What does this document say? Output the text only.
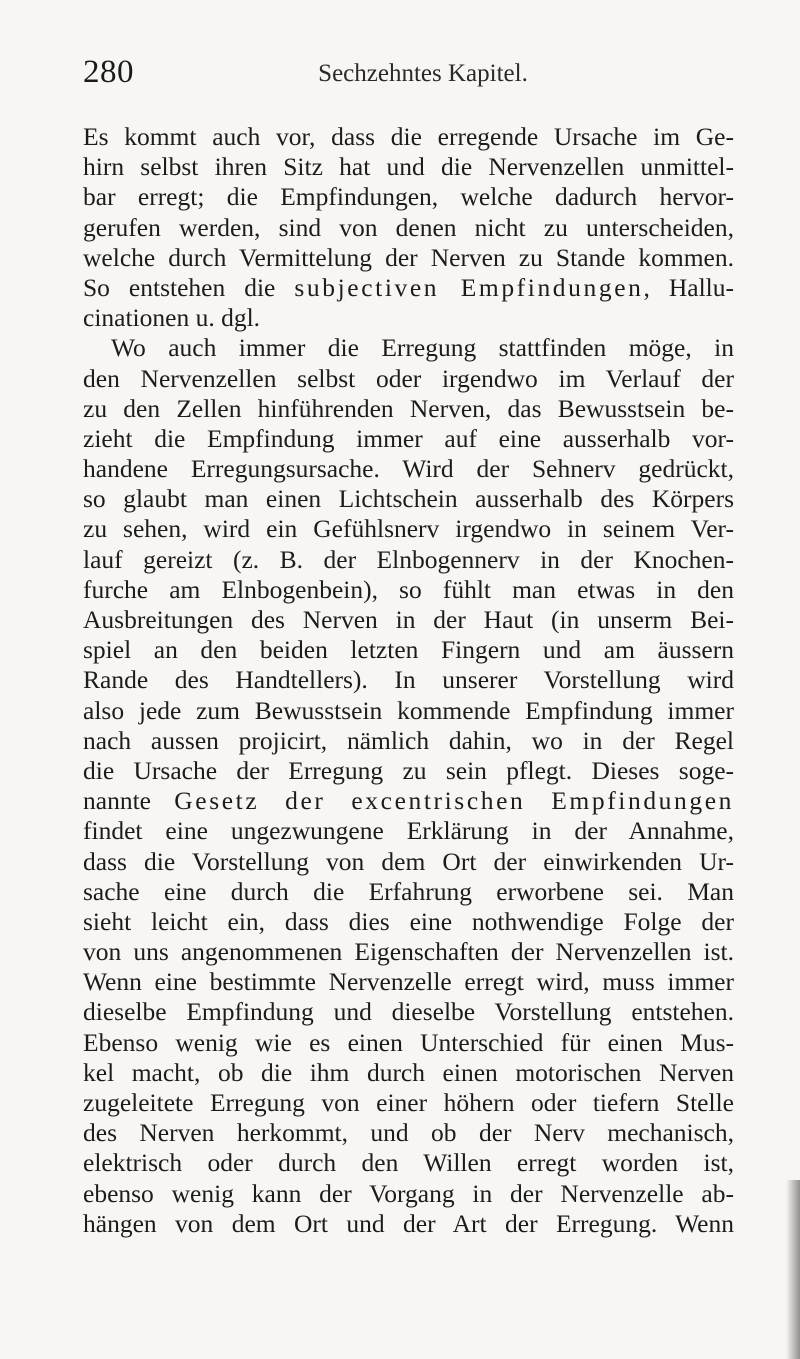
280	Sechzehntes Kapitel.
Es kommt auch vor, dass die erregende Ursache im Ge-
hirn selbst ihren Sitz hat und die Nervenzellen unmittel-
bar erregt; die Empfindungen, welche dadurch hervor-
gerufen werden, sind von denen nicht zu unterscheiden,
welche durch Vermittelung der Nerven zu Stande kommen.
So entstehen die subjectiven Empfindungen, Hallu-
cinationen u. dgl.
Wo auch immer die Erregung stattfinden möge, in
den Nervenzellen selbst oder irgendwo im Verlauf der
zu den Zellen hinführenden Nerven, das Bewusstsein be-
zieht die Empfindung immer auf eine ausserhalb vor-
handene Erregungsursache. Wird der Sehnerv gedrückt,
so glaubt man einen Lichtschein ausserhalb des Körpers
zu sehen, wird ein Gefühlsnerv irgendwo in seinem Ver-
lauf gereizt (z. B. der Elnbogennerv in der Knochen-
furche am Elnbogenbein), so fühlt man etwas in den
Ausbreitungen des Nerven in der Haut (in unserm Bei-
spiel an den beiden letzten Fingern und am äussern
Rande des Handtellers). In unserer Vorstellung wird
also jede zum Bewusstsein kommende Empfindung immer
nach aussen projicirt, nämlich dahin, wo in der Regel
die Ursache der Erregung zu sein pflegt. Dieses soge-
nannte Gesetz der excentrischen Empfindungen
findet eine ungezwungene Erklärung in der Annahme,
dass die Vorstellung von dem Ort der einwirkenden Ur-
sache eine durch die Erfahrung erworbene sei. Man
sieht leicht ein, dass dies eine nothwendige Folge der
von uns angenommenen Eigenschaften der Nervenzellen ist.
Wenn eine bestimmte Nervenzelle erregt wird, muss immer
dieselbe Empfindung und dieselbe Vorstellung entstehen.
Ebenso wenig wie es einen Unterschied für einen Mus-
kel macht, ob die ihm durch einen motorischen Nerven
zugeleitete Erregung von einer höhern oder tiefern Stelle
des Nerven herkommt, und ob der Nerv mechanisch,
elektrisch oder durch den Willen erregt worden ist,
ebenso wenig kann der Vorgang in der Nervenzelle ab-
hängen von dem Ort und der Art der Erregung. Wenn
